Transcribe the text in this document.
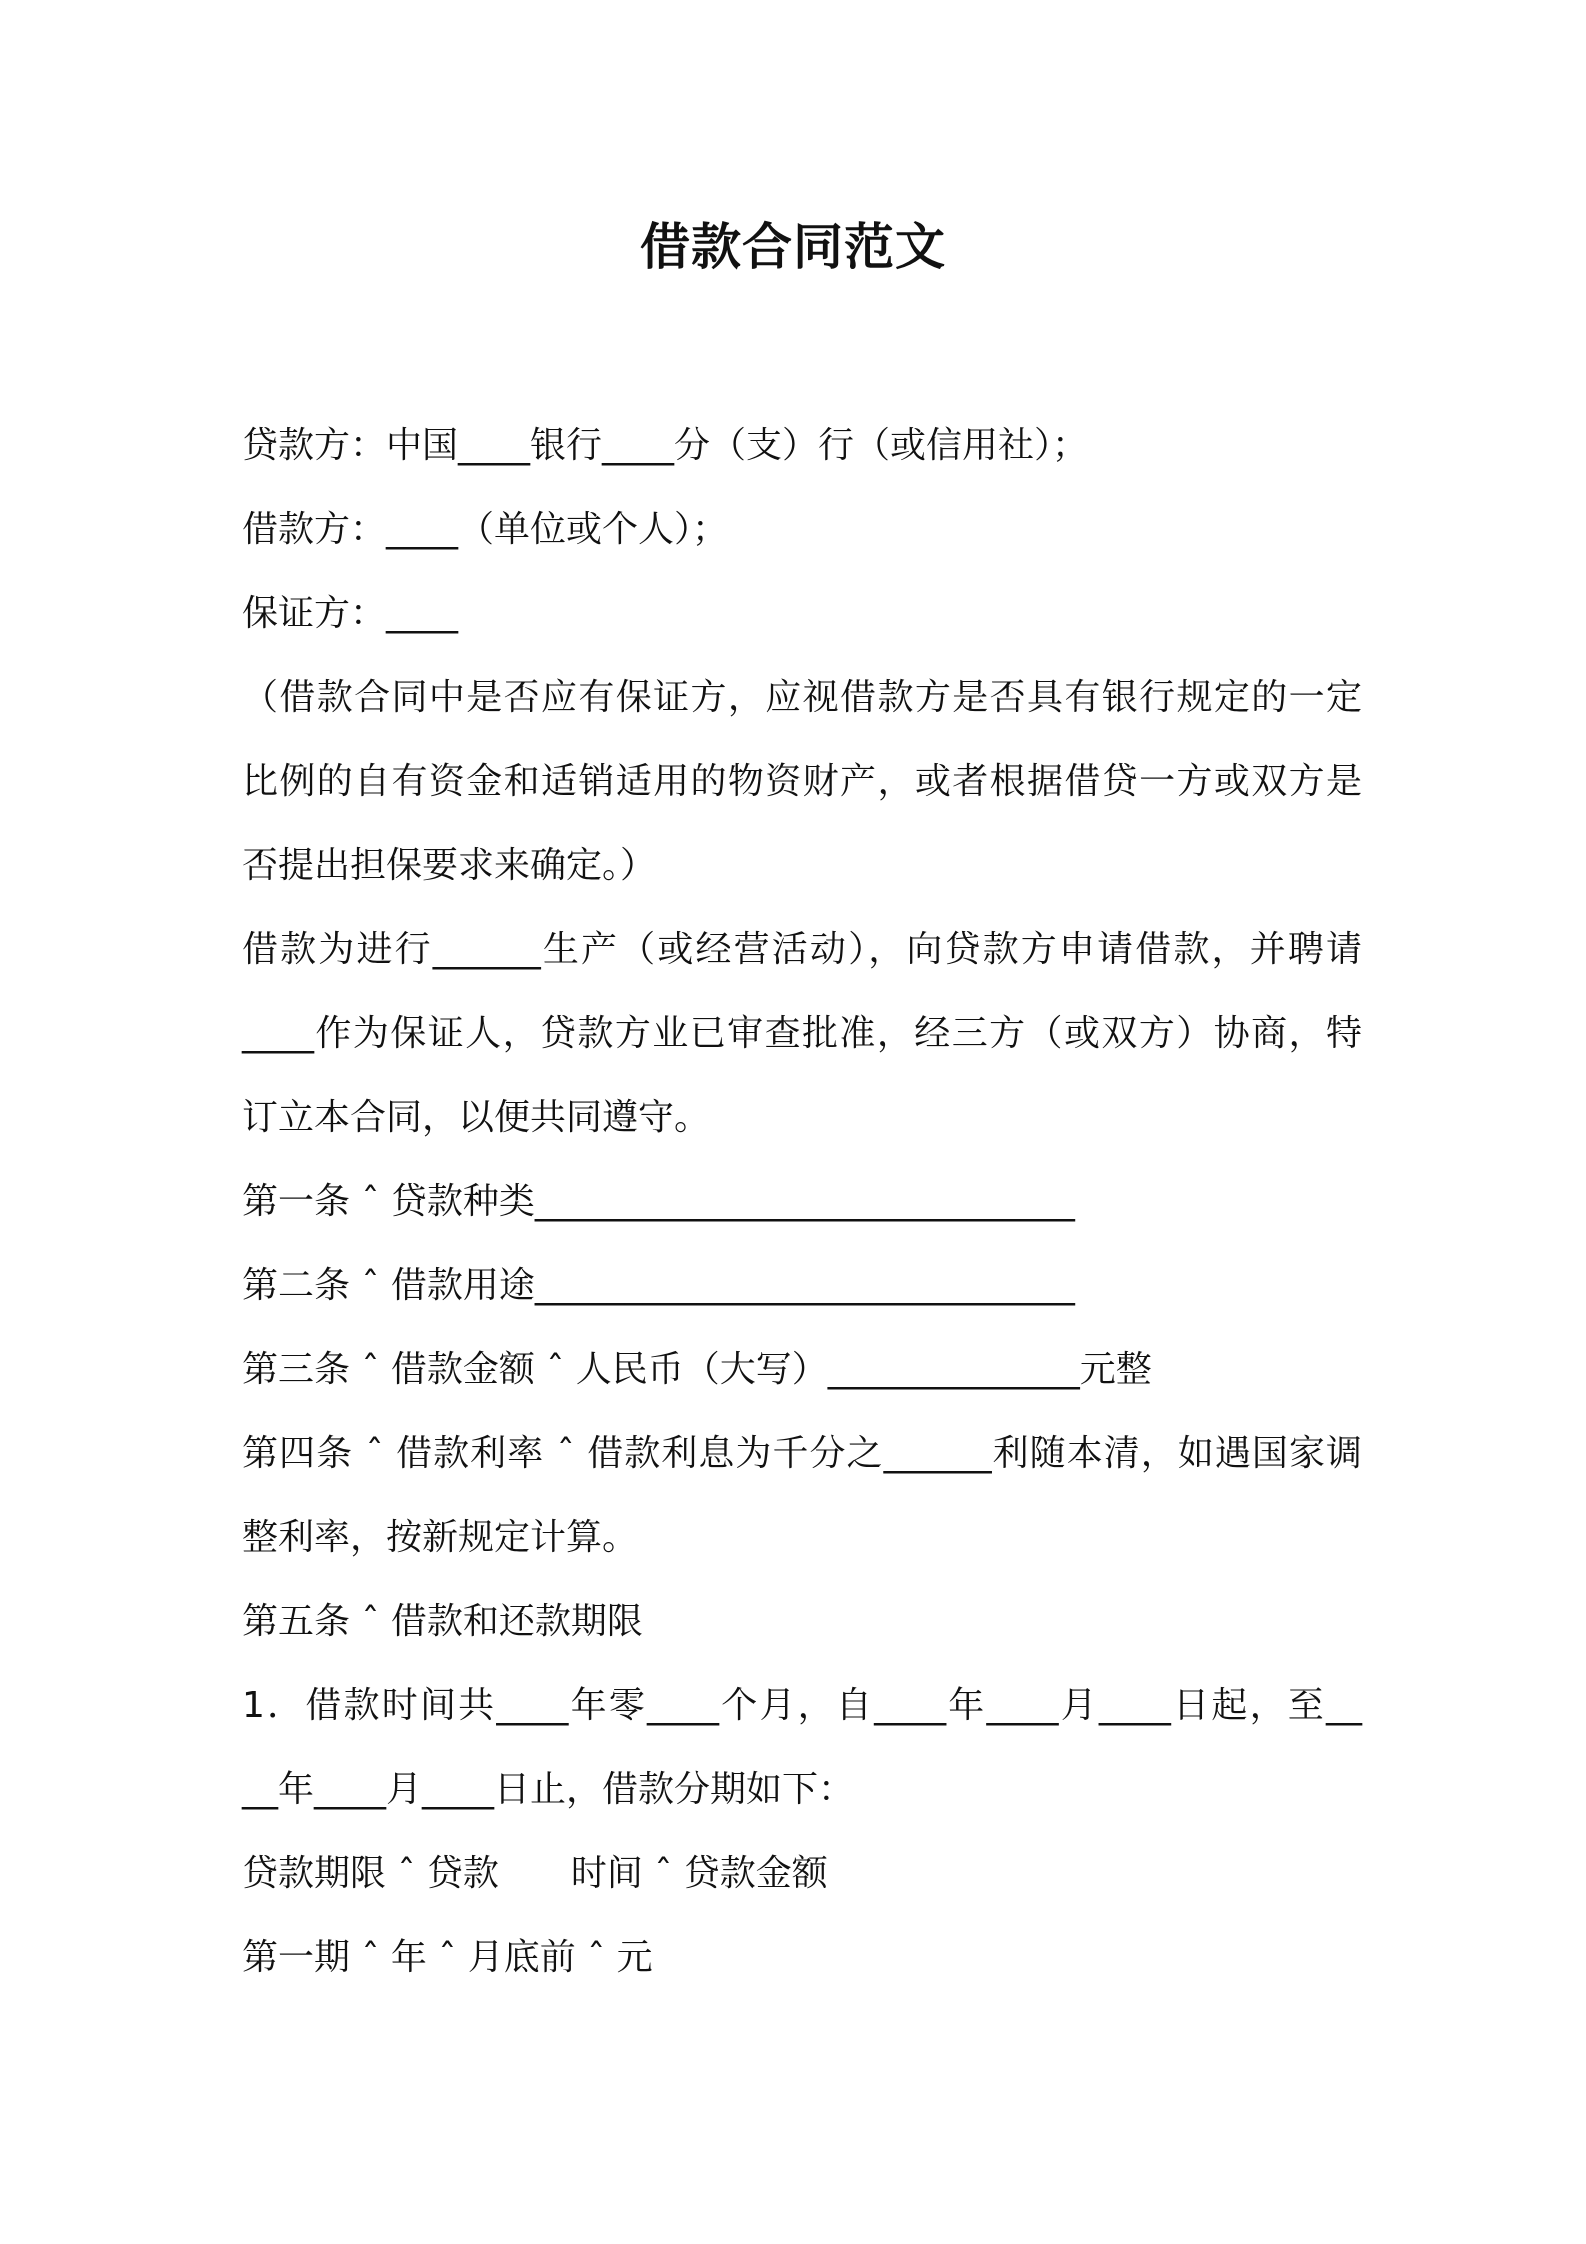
借款合同范文
贷款方：中国____银行____分（支）行（或信用社）；
借款方：____（单位或个人）；
保证方：____
（借款合同中是否应有保证方，应视借款方是否具有银行规定的一定
比例的自有资金和适销适用的物资财产，或者根据借贷一方或双方是
否提出担保要求来确定。）
借款为进行______生产（或经营活动），向贷款方申请借款，并聘请
____作为保证人，贷款方业已审查批准，经三方（或双方）协商，特
订立本合同，以便共同遵守。
第一条 ˆ 贷款种类______________________________
第二条 ˆ 借款用途______________________________
第三条 ˆ 借款金额 ˆ 人民币（大写）______________元整
第四条 ˆ 借款利率 ˆ 借款利息为千分之______利随本清，如遇国家调
整利率，按新规定计算。
第五条 ˆ 借款和还款期限
1．借款时间共____年零____个月，自____年____月____日起，至__
__年____月____日止，借款分期如下：
贷款期限 ˆ 贷款　　时间 ˆ 贷款金额
第一期 ˆ 年 ˆ 月底前 ˆ 元
